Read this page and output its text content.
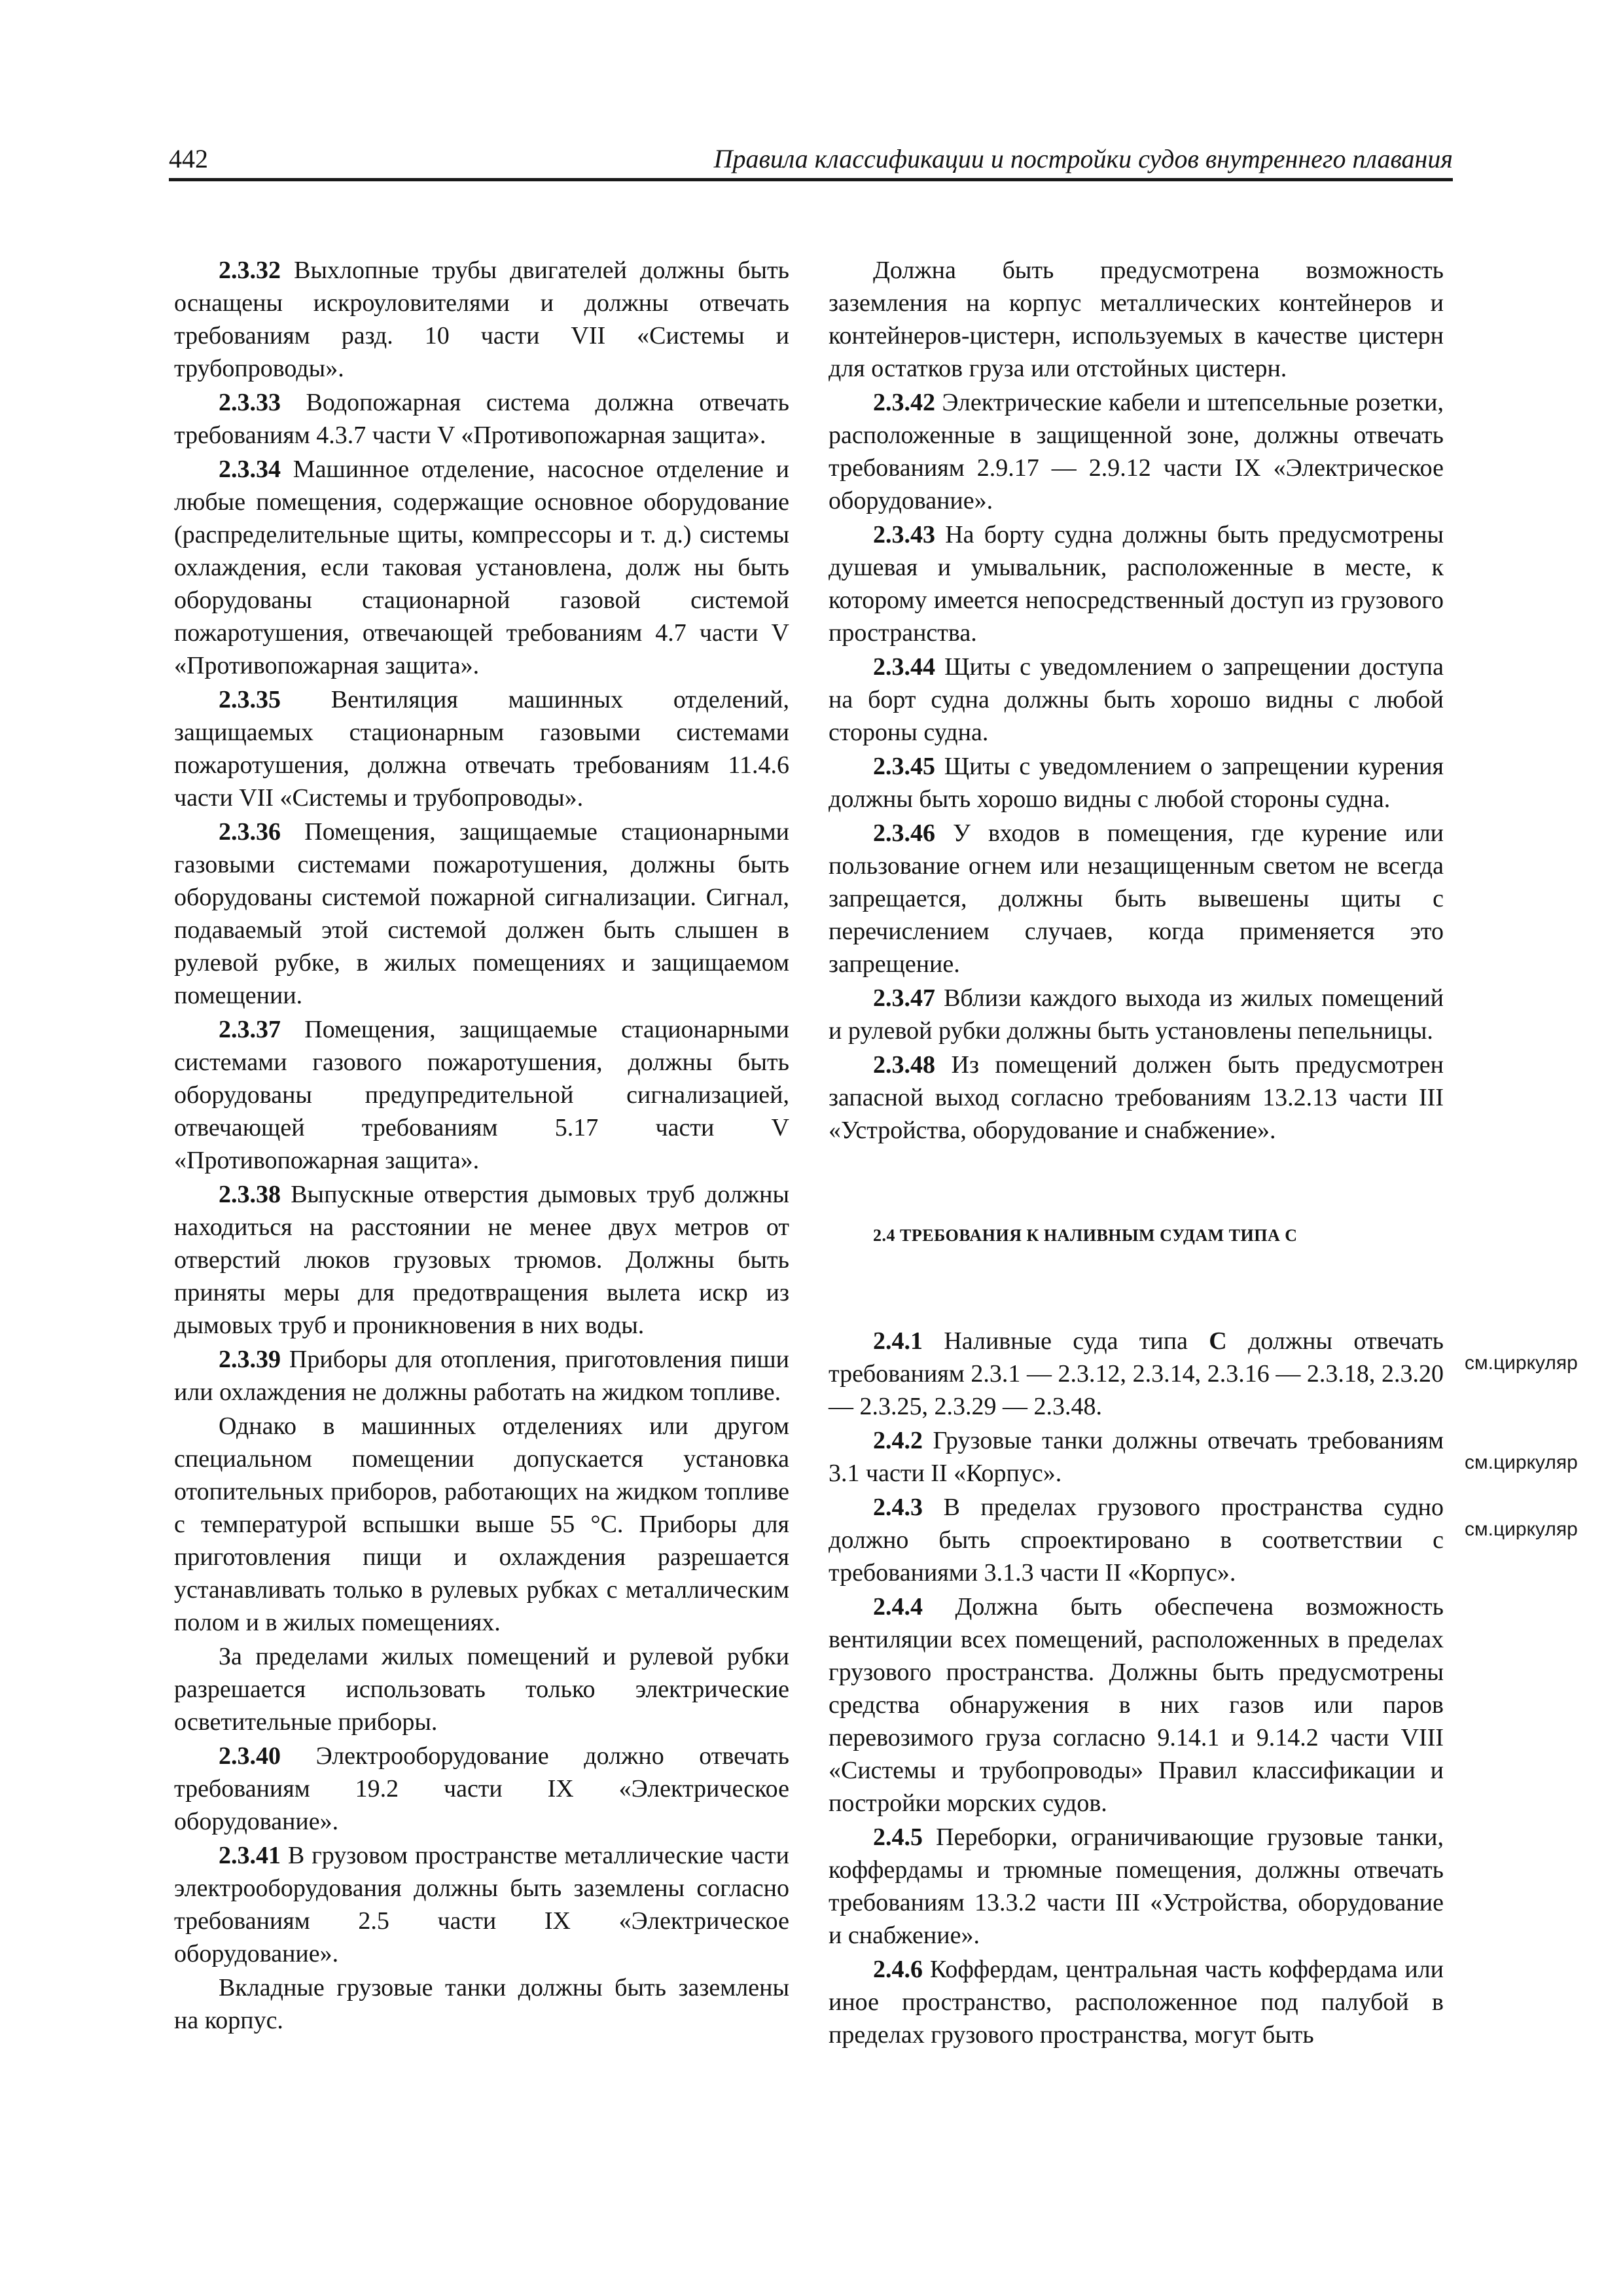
442	Правила классификации и постройки судов внутреннего плавания

2.3.32 Выхлопные трубы двигателей должны быть оснащены искроуловителями и должны отвечать требованиям разд. 10 части VII «Системы и трубопроводы».

2.3.33 Водопожарная система должна отвечать требованиям 4.3.7 части V «Противопожарная защита».

2.3.34 Машинное отделение, насосное отделение и любые помещения, содержащие основное оборудование (распределительные щиты, компрессоры и т. д.) системы охлаждения, если таковая установлена, долж ны быть оборудованы стационарной газовой системой пожаротушения, отвечающей требованиям 4.7 части V «Противопожарная защита».

2.3.35 Вентиляция машинных отделений, защищаемых стационарным газовыми системами пожаротушения, должна отвечать требованиям 11.4.6 части VII «Системы и трубопроводы».

2.3.36 Помещения, защищаемые стационарными газовыми системами пожаротушения, должны быть оборудованы системой пожарной сигнализации. Сигнал, подаваемый этой системой должен быть слышен в рулевой рубке, в жилых помещениях и защищаемом помещении.

2.3.37 Помещения, защищаемые стационарными системами газового пожаротушения, должны быть оборудованы предупредительной сигнализацией, отвечающей требованиям 5.17 части V «Противопожарная защита».

2.3.38 Выпускные отверстия дымовых труб должны находиться на расстоянии не менее двух метров от отверстий люков грузовых трюмов. Должны быть приняты меры для предотвращения вылета искр из дымовых труб и проникновения в них воды.

2.3.39 Приборы для отопления, приготовления пиши или охлаждения не должны работать на жидком топливе.

Однако в машинных отделениях или другом специальном помещении допускается установка отопительных приборов, работающих на жидком топливе с температурой вспышки выше 55 °С. Приборы для приготовления пищи и охлаждения разрешается устанавливать только в рулевых рубках с металлическим полом и в жилых помещениях.

За пределами жилых помещений и рулевой рубки разрешается использовать только электрические осветительные приборы.

2.3.40 Электрооборудование должно отвечать требованиям 19.2 части IX «Электрическое оборудование».

2.3.41 В грузовом пространстве металлические части электрооборудования должны быть заземлены согласно требованиям 2.5 части IX «Электрическое оборудование».

Вкладные грузовые танки должны быть заземлены на корпус.

Должна быть предусмотрена возможность заземления на корпус металлических контейнеров и контейнеров-цистерн, используемых в качестве цистерн для остатков груза или отстойных цистерн.

2.3.42 Электрические кабели и штепсельные розетки, расположенные в защищенной зоне, должны отвечать требованиям 2.9.17 — 2.9.12 части IX «Электрическое оборудование».

2.3.43 На борту судна должны быть предусмотрены душевая и умывальник, расположенные в месте, к которому имеется непосредственный доступ из грузового пространства.

2.3.44 Щиты с уведомлением о запрещении доступа на борт судна должны быть хорошо видны с любой стороны судна.

2.3.45 Щиты с уведомлением о запрещении курения должны быть хорошо видны с любой стороны судна.

2.3.46 У входов в помещения, где курение или пользование огнем или незащищенным светом не всегда запрещается, должны быть вывешены щиты с перечислением случаев, когда применяется это запрещение.

2.3.47 Вблизи каждого выхода из жилых помещений и рулевой рубки должны быть установлены пепельницы.

2.3.48 Из помещений должен быть предусмотрен запасной выход согласно требованиям 13.2.13 части III «Устройства, оборудование и снабжение».

2.4 ТРЕБОВАНИЯ К НАЛИВНЫМ СУДАМ ТИПА С

2.4.1 Наливные суда типа С должны отвечать требованиям 2.3.1 — 2.3.12, 2.3.14, 2.3.16 — 2.3.18, 2.3.20 — 2.3.25, 2.3.29 — 2.3.48.

2.4.2 Грузовые танки должны отвечать требованиям 3.1 части II «Корпус».

2.4.3 В пределах грузового пространства судно должно быть спроектировано в соответствии с требованиями 3.1.3 части II «Корпус».

2.4.4 Должна быть обеспечена возможность вентиляции всех помещений, расположенных в пределах грузового пространства. Должны быть предусмотрены средства обнаружения в них газов или паров перевозимого груза согласно 9.14.1 и 9.14.2 части VIII «Системы и трубопроводы» Правил классификации и постройки морских судов.

2.4.5 Переборки, ограничивающие грузовые танки, коффердамы и трюмные помещения, должны отвечать требованиям 13.3.2 части III «Устройства, оборудование и снабжение».

2.4.6 Коффердам, центральная часть коффердама или иное пространство, расположенное под палубой в пределах грузового пространства, могут быть

см.циркуляр
см.циркуляр
см.циркуляр
